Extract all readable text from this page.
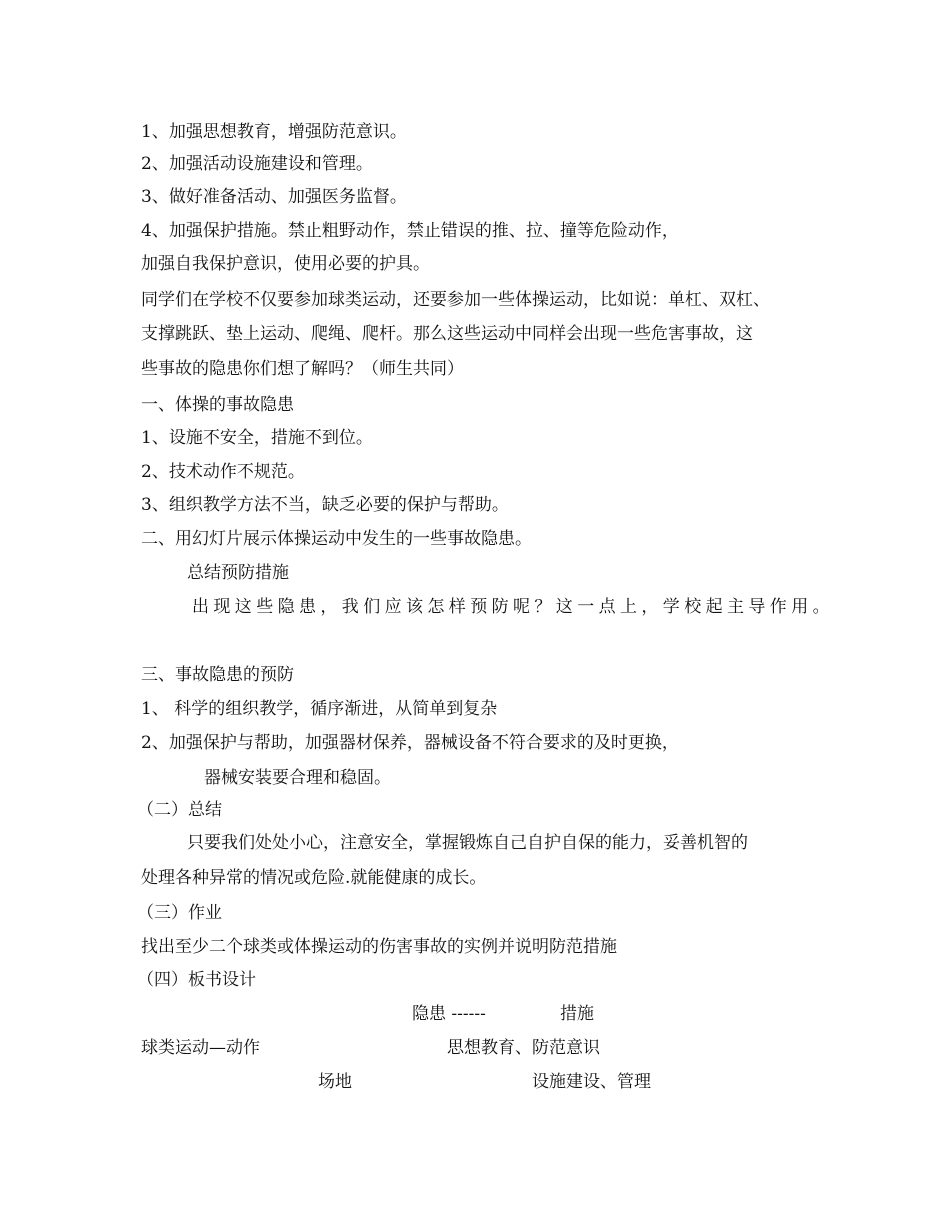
1、加强思想教育，增强防范意识。
2、加强活动设施建设和管理。
3、做好准备活动、加强医务监督。
4、加强保护措施。禁止粗野动作，禁止错误的推、拉、撞等危险动作，
加强自我保护意识，使用必要的护具。
同学们在学校不仅要参加球类运动，还要参加一些体操运动，比如说：单杠、双杠、
支撑跳跃、垫上运动、爬绳、爬杆。那么这些运动中同样会出现一些危害事故，这
些事故的隐患你们想了解吗？（师生共同）
一、体操的事故隐患
1、设施不安全，措施不到位。
2、技术动作不规范。
3、组织教学方法不当，缺乏必要的保护与帮助。
二、用幻灯片展示体操运动中发生的一些事故隐患。
总结预防措施
出现这些隐患，我们应该怎样预防呢？这一点上，学校起主导作用。
三、事故隐患的预防
1、 科学的组织教学，循序渐进，从简单到复杂
2、加强保护与帮助，加强器材保养，器械设备不符合要求的及时更换，
器械安装要合理和稳固。
（二）总结
只要我们处处小心，注意安全，掌握锻炼自己自护自保的能力，妥善机智的
处理各种异常的情况或危险.就能健康的成长。
（三）作业
找出至少二个球类或体操运动的伤害事故的实例并说明防范措施
（四）板书设计
隐患 ------	措施
球类运动—动作	思想教育、防范意识
场地	设施建设、管理
